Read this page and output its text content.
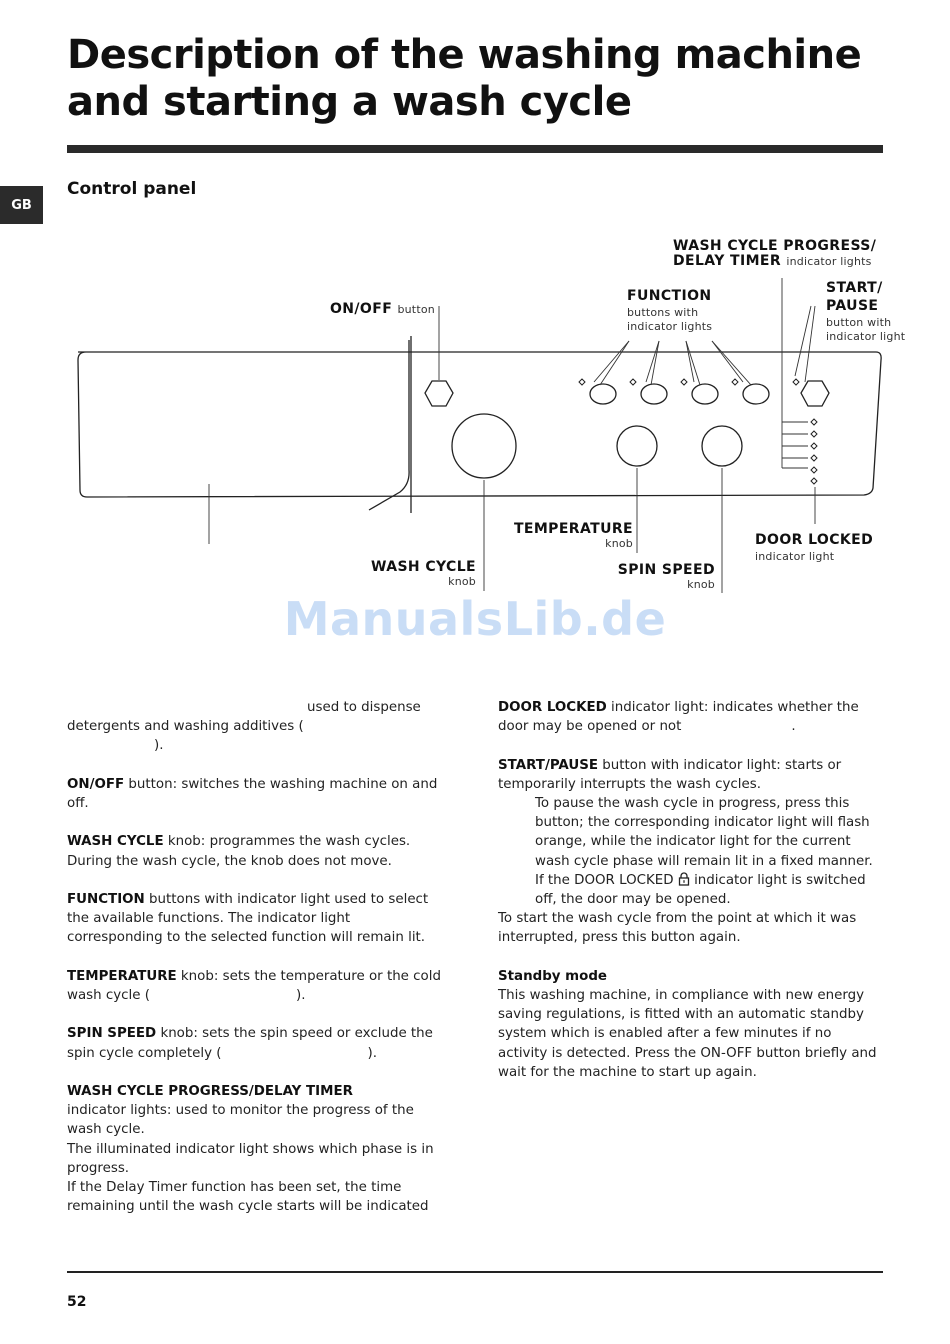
Description of the washing machine
and starting a wash cycle
GB
Control panel
WASH CYCLE PROGRESS/
DELAY TIMER indicator lights
FUNCTION
buttons with
indicator lights
START/
PAUSE
button with
indicator light
ON/OFF button
TEMPERATURE
knob	DOOR LOCKED
indicator light
WASH CYCLE
knob
SPIN SPEED
knob
ManualsLib.de

used to dispense
detergents and washing additives (
).

ON/OFF button: switches the washing machine on and off.

WASH CYCLE knob: programmes the wash cycles. During the wash cycle, the knob does not move.

FUNCTION buttons with indicator light used to select the available functions. The indicator light corresponding to the selected function will remain lit.

TEMPERATURE knob: sets the temperature or the cold wash cycle (	).

SPIN SPEED knob: sets the spin speed or exclude the spin cycle completely (	).

WASH CYCLE PROGRESS/DELAY TIMER
indicator lights: used to monitor the progress of the wash cycle.
The illuminated indicator light shows which phase is in progress.
If the Delay Timer function has been set, the time remaining until the wash cycle starts will be indicated

DOOR LOCKED indicator light: indicates whether the door may be opened or not	.

START/PAUSE button with indicator light: starts or temporarily interrupts the wash cycles.

To pause the wash cycle in progress, press this button; the corresponding indicator light will flash orange, while the indicator light for the current wash cycle phase will remain lit in a fixed manner. If the DOOR LOCKED indicator light is switched off, the door may be opened.

To start the wash cycle from the point at which it was interrupted, press this button again.

Standby mode
This washing machine, in compliance with new energy saving regulations, is fitted with an automatic standby system which is enabled after a few minutes if no activity is detected. Press the ON-OFF button briefly and wait for the machine to start up again.

52
